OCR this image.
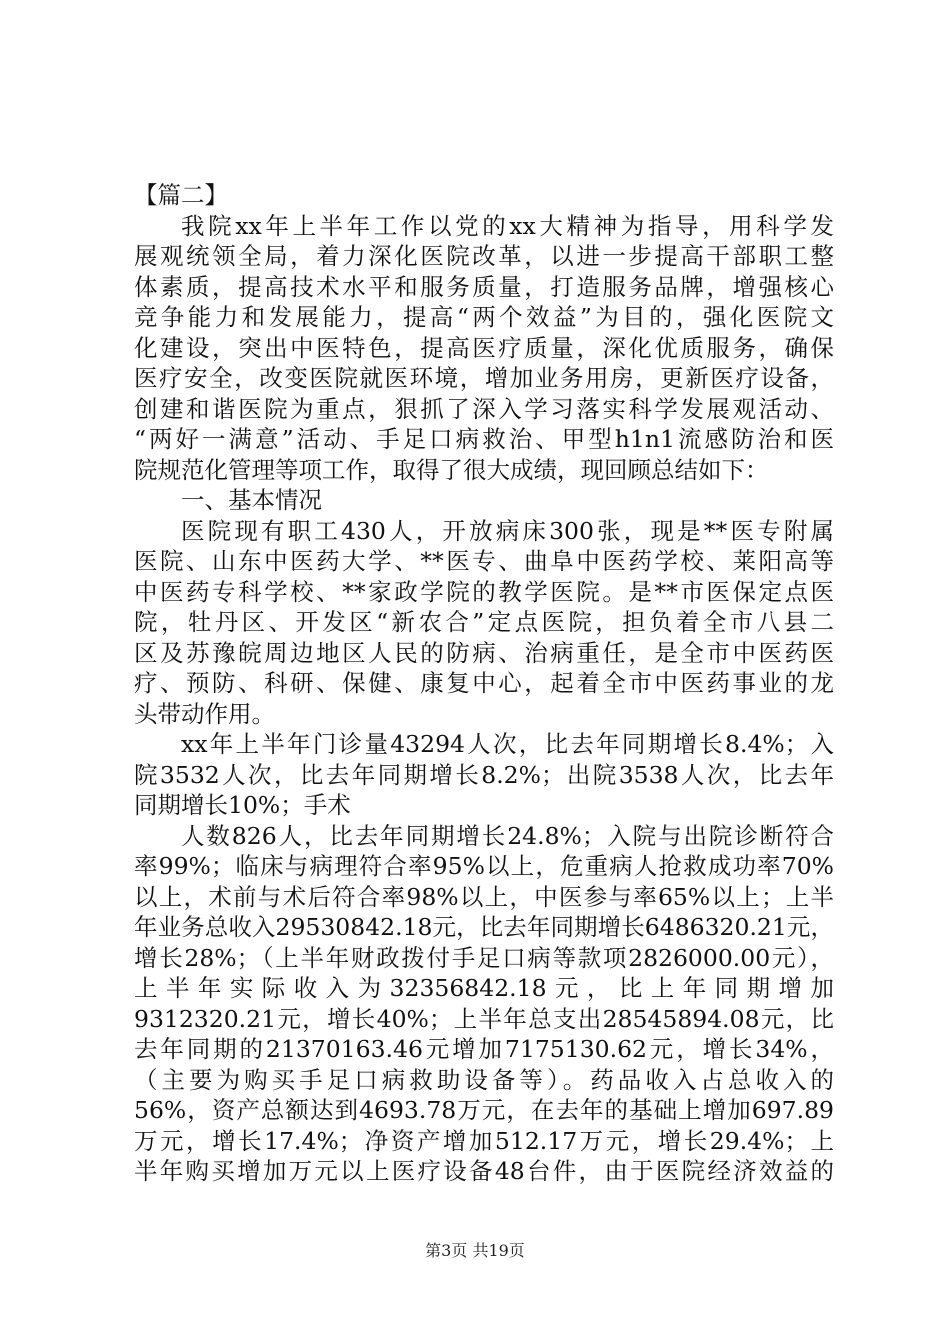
【篇二】
我院xx年上半年工作以党的xx大精神为指导，用科学发
展观统领全局，着力深化医院改革，以进一步提高干部职工整
体素质，提高技术水平和服务质量，打造服务品牌，增强核心
竞争能力和发展能力，提高“两个效益”为目的，强化医院文
化建设，突出中医特色，提高医疗质量，深化优质服务，确保
医疗安全，改变医院就医环境，增加业务用房，更新医疗设备，
创建和谐医院为重点，狠抓了深入学习落实科学发展观活动、
“两好一满意”活动、手足口病救治、甲型h1n1流感防治和医
院规范化管理等项工作，取得了很大成绩，现回顾总结如下：
一、基本情况
医院现有职工430人，开放病床300张，现是**医专附属
医院、山东中医药大学、**医专、曲阜中医药学校、莱阳高等
中医药专科学校、**家政学院的教学医院。是**市医保定点医
院，牡丹区、开发区“新农合”定点医院，担负着全市八县二
区及苏豫皖周边地区人民的防病、治病重任，是全市中医药医
疗、预防、科研、保健、康复中心，起着全市中医药事业的龙
头带动作用。
xx年上半年门诊量43294人次，比去年同期增长8.4%；入
院3532人次，比去年同期增长8.2%；出院3538人次，比去年
同期增长10%；手术
人数826人，比去年同期增长24.8%；入院与出院诊断符合
率99%；临床与病理符合率95%以上，危重病人抢救成功率70%
以上，术前与术后符合率98%以上，中医参与率65%以上；上半
年业务总收入29530842.18元，比去年同期增长6486320.21元，
增长28%；（上半年财政拨付手足口病等款项2826000.00元），
上半年实际收入为32356842.18元，比上年同期增加
9312320.21元，增长40%；上半年总支出28545894.08元，比
去年同期的21370163.46元增加7175130.62元，增长34%，
（主要为购买手足口病救助设备等）。药品收入占总收入的
56%，资产总额达到4693.78万元，在去年的基础上增加697.89
万元，增长17.4%；净资产增加512.17万元，增长29.4%；上
半年购买增加万元以上医疗设备48台件，由于医院经济效益的
第3页 共19页
